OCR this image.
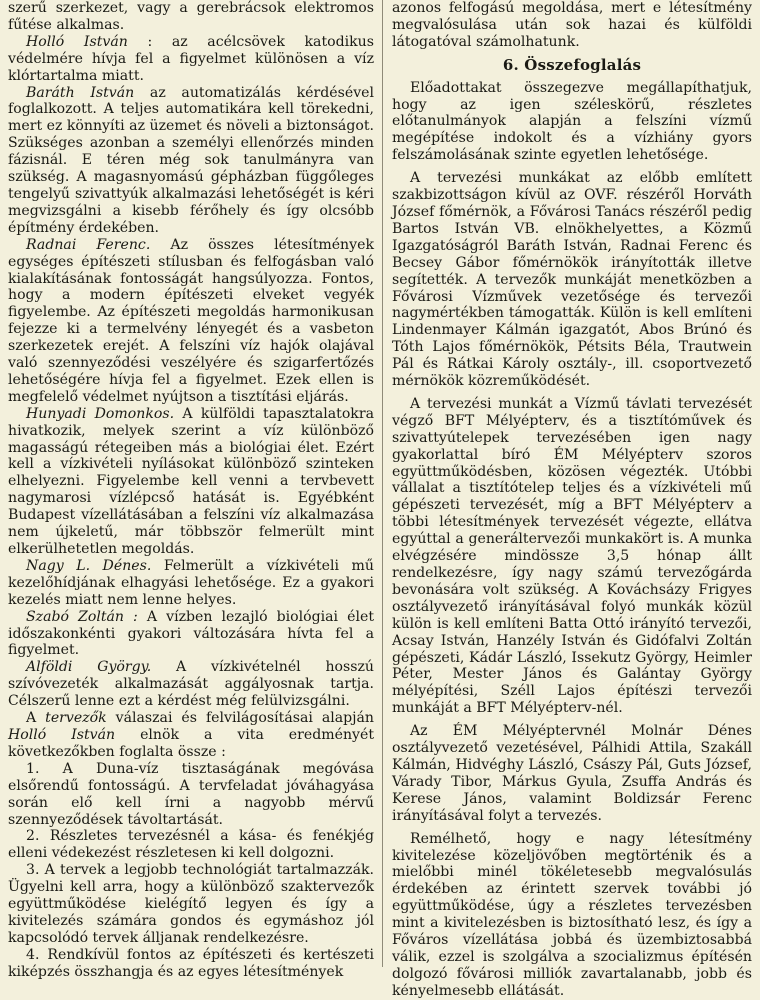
szerű szerkezet, vagy a gerebrácsok elektromos fűtése alkalmas.

Holló István : az acélcsövek katodikus védelmére hívja fel a figyelmet különösen a víz klórtartalma miatt.

Baráth István az automatizálás kérdésével foglalkozott. A teljes automatikára kell törekedni, mert ez könnyíti az üzemet és növeli a biztonságot. Szükséges azonban a személyi ellenőrzés minden fázisnál. E téren még sok tanulmányra van szükség. A magasnyomású gépházban függőleges tengelyű szivattyúk alkalmazási lehetőségét is kéri megvizsgálni a kisebb férőhely és így olcsóbb építmény érdekében.

Radnai Ferenc. Az összes létesítmények egységes építészeti stílusban és felfogásban való kialakításának fontosságát hangsúlyozza. Fontos, hogy a modern építészeti elveket vegyék figyelembe. Az építészeti megoldás harmonikusan fejezze ki a termelvény lényegét és a vasbeton szerkezetek erejét. A felszíni víz hajók olajával való szennyeződési veszélyére és szigarfertőzés lehetőségére hívja fel a figyelmet. Ezek ellen is megfelelő védelmet nyújtson a tisztítási eljárás.

Hunyadi Domonkos. A külföldi tapasztalatokra hivatkozik, melyek szerint a víz különböző magasságú rétegeiben más a biológiai élet. Ezért kell a vízkivételi nyílásokat különböző szinteken elhelyezni. Figyelembe kell venni a tervbevett nagymarosi vízlépcső hatását is. Egyébként Budapest vízellátásában a felszíni víz alkalmazása nem újkeletű, már többször felmerült mint elkerülhetetlen megoldás.

Nagy L. Dénes. Felmerült a vízkivételi mű kezelőhídjának elhagyási lehetősége. Ez a gyakori kezelés miatt nem lenne helyes.

Szabó Zoltán : A vízben lezajló biológiai élet időszakonkénti gyakori változására hívta fel a figyelmet.

Alföldi György. A vízkivételnél hosszú szívóvezeték alkalmazását aggályosnak tartja. Célszerű lenne ezt a kérdést még felülvizsgálni.

A tervezők válaszai és felvilágosításai alapján Holló István elnök a vita eredményét következőkben foglalta össze :

1. A Duna-víz tisztaságának megóvása elsőrendű fontosságú. A tervfeladat jóváhagyása során elő kell írni a nagyobb mérvű szennyeződések távoltartását.

2. Részletes tervezésnél a kása- és fenékjég elleni védekezést részletesen ki kell dolgozni.

3. A tervek a legjobb technológiát tartalmazzák. Ügyelni kell arra, hogy a különböző szaktervezők együttműködése kielégítő legyen és így a kivitelezés számára gondos és egymáshoz jól kapcsolódó tervek álljanak rendelkezésre.

4. Rendkívül fontos az építészeti és kertészeti kiképzés összhangja és az egyes létesítmények

azonos felfogású megoldása, mert e létesítmény megvalósulása után sok hazai és külföldi látogatóval számolhatunk.

6. Összefoglalás

Előadottakat összegezve megállapíthatjuk, hogy az igen széleskörű, részletes előtanulmányok alapján a felszíni vízmű megépítése indokolt és a vízhiány gyors felszámolásának szinte egyetlen lehetősége.

A tervezési munkákat az előbb említett szakbizottságon kívül az OVF. részéről Horváth József főmérnök, a Fővárosi Tanács részéről pedig Bartos István VB. elnökhelyettes, a Közmű Igazgatóságról Baráth István, Radnai Ferenc és Becsey Gábor főmérnökök irányították illetve segítették. A tervezők munkáját menetközben a Fővárosi Vízművek vezetősége és tervezői nagymértékben támogatták. Külön is kell említeni Lindenmayer Kálmán igazgatót, Abos Brúnó és Tóth Lajos főmérnökök, Pétsits Béla, Trautwein Pál és Rátkai Károly osztály-, ill. csoportvezető mérnökök közreműködését.

A tervezési munkát a Vízmű távlati tervezését végző BFT Mélyépterv, és a tisztítóművek és szivattyútelepek tervezésében igen nagy gyakorlattal bíró ÉM Mélyépterv szoros együttműködésben, közösen végezték. Utóbbi vállalat a tisztítótelep teljes és a vízkivételi mű gépészeti tervezését, míg a BFT Mélyépterv a többi létesítmények tervezését végezte, ellátva egyúttal a generáltervezői munkakört is. A munka elvégzésére mindössze 3,5 hónap állt rendelkezésre, így nagy számú tervezőgárda bevonására volt szükség. A Kováchsázy Frigyes osztályvezető irányításával folyó munkák közül külön is kell említeni Batta Ottó irányító tervezői, Acsay István, Hanzély István és Gidófalvi Zoltán gépészeti, Kádár László, Issekutz György, Heimler Péter, Mester János és Galántay György mélyépítési, Széll Lajos építészi tervezői munkáját a BFT Mélyépterv-nél.

Az ÉM Mélyéptervnél Molnár Dénes osztályvezető vezetésével, Pálhidi Attila, Szakáll Kálmán, Hidvéghy László, Császy Pál, Guts József, Várady Tibor, Márkus Gyula, Zsuffa András és Kerese János, valamint Boldizsár Ferenc irányításával folyt a tervezés.

Remélhető, hogy e nagy létesítmény kivitelezése közeljövőben megtörténik és a mielőbbi minél tökéletesebb megvalósulás érdekében az érintett szervek további jó együttműködése, úgy a részletes tervezésben mint a kivitelezésben is biztosítható lesz, és így a Főváros vízellátása jobbá és üzembiztosabbá válik, ezzel is szolgálva a szocializmus építésén dolgozó fővárosi milliók zavartalanabb, jobb és kényelmesebb ellátását.
